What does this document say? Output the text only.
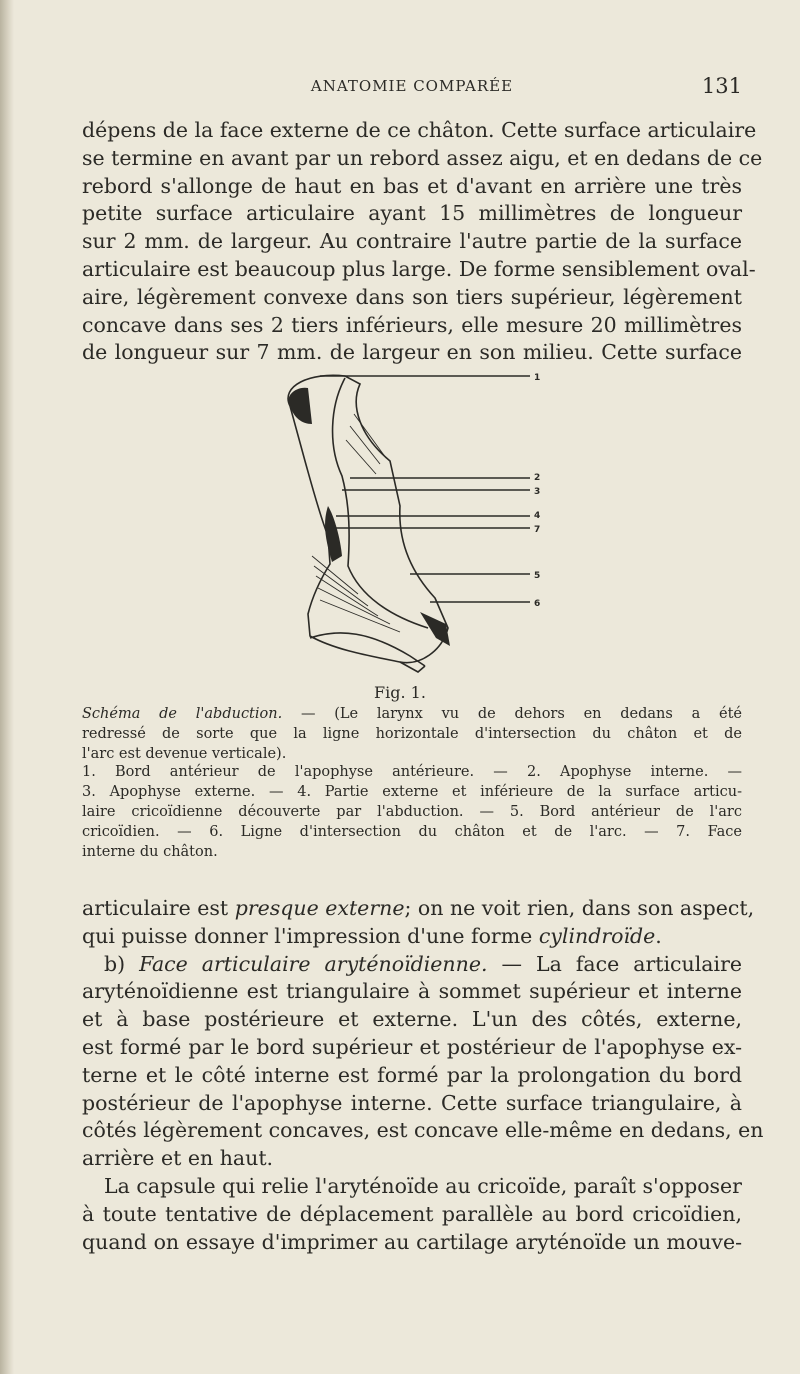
ANATOMIE COMPARÉE	131

dépens de la face externe de ce châton. Cette surface articulaire
se termine en avant par un rebord assez aigu, et en dedans de ce
rebord s'allonge de haut en bas et d'avant en arrière une très
petite surface articulaire ayant 15 millimètres de longueur
sur 2 mm. de largeur. Au contraire l'autre partie de la surface
articulaire est beaucoup plus large. De forme sensiblement oval-
aire, légèrement convexe dans son tiers supérieur, légèrement
concave dans ses 2 tiers inférieurs, elle mesure 20 millimètres
de longueur sur 7 mm. de largeur en son milieu. Cette surface

1
2
3
4
7
5
6
Fig. 1.

Schéma de l'abduction. — (Le larynx vu de dehors en dedans a été
redressé de sorte que la ligne horizontale d'intersection du châton et de
l'arc est devenue verticale).

1. Bord antérieur de l'apophyse antérieure. — 2. Apophyse interne. —
3. Apophyse externe. — 4. Partie externe et inférieure de la surface articu-
laire cricoïdienne découverte par l'abduction. — 5. Bord antérieur de l'arc
cricoïdien. — 6. Ligne d'intersection du châton et de l'arc. — 7. Face
interne du châton.

articulaire est presque externe; on ne voit rien, dans son aspect,
qui puisse donner l'impression d'une forme cylindroïde.
b) Face articulaire aryténoïdienne. — La face articulaire
aryténoïdienne est triangulaire à sommet supérieur et interne
et à base postérieure et externe. L'un des côtés, externe,
est formé par le bord supérieur et postérieur de l'apophyse ex-
terne et le côté interne est formé par la prolongation du bord
postérieur de l'apophyse interne. Cette surface triangulaire, à
côtés légèrement concaves, est concave elle-même en dedans, en
arrière et en haut.
La capsule qui relie l'aryténoïde au cricoïde, paraît s'opposer
à toute tentative de déplacement parallèle au bord cricoïdien,
quand on essaye d'imprimer au cartilage aryténoïde un mouve-
